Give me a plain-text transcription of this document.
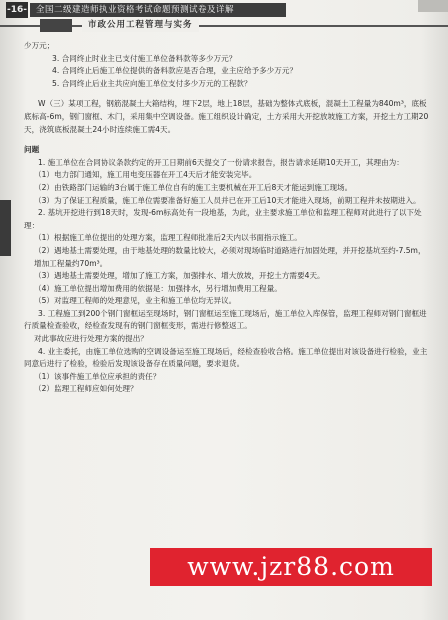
-16-	全国二级建造师执业资格考试命题预测试卷及详解
市政公用工程管理与实务

少万元；

3. 合同终止时业主已支付施工单位备料款等多少万元？

4. 合同终止后施工单位提供的备料款应是否合理，业主应给予多少万元？

5. 合同终止后业主共应向施工单位支付多少万元的工程款？

W（三）某项工程，钢筋混凝土大箱结构，埋下2层，地上18层，基础为整体式底板，混凝土工程量为840m³，底板底标高-6m，钢门窗框、木门，采用集中空调设备。施工组织设计确定，土方采用大开挖放坡施工方案，开挖土方工期20天，浇筑底板混凝土24小时连续施工需4天。

问题

1. 施工单位在合同协议条款约定的开工日期前6天提交了一份请求报告，报告请求延期10天开工，其理由为：

（1）电力部门通知，施工用电变压器在开工4天后才能安装完毕。

（2）由铁路部门运输的3台属于施工单位自有的施工主要机械在开工后8天才能运到施工现场。

（3）为了保证工程质量，施工单位需要准备好施工人员并已在开工后10天才能进入现场，前期工程并未按期进入。

2. 基坑开挖进行到18天时，发现-6m标高处有一段地基，为此，业主要求施工单位和监理工程师对此进行了以下处理：

（1）根据施工单位提出的处理方案，监理工程师批准后2天内以书面指示施工。

（2）遇地基土需要处理，由于地基处理的数量比较大，必须对现场临时道路进行加固处理，并开挖基坑至约-7.5m，增加工程量约70m³。

（3）遇地基土需要处理，增加了施工方案，加强排水、增大放坡，开挖土方需要4天。

（4）施工单位提出增加费用的依据是：加强排水，另行增加费用工程量。

（5）对监理工程师的处理意见，业主和施工单位均无异议。

3. 工程施工到200个钢门窗框运至现场时，钢门窗框运至施工现场后，施工单位入库保管，监理工程师对钢门窗框进行质量检查验收，经检查发现有的钢门窗框变形，需进行修整返工。

对此事故应进行处理方案的提出？

4. 业主委托，由施工单位选购的空调设备运至施工现场后，经检查验收合格。施工单位提出对该设备进行检验，业主同意后进行了检验，检验后发现该设备存在质量问题，要求退货。

（1）该事件施工单位应承担的责任？

（2）监理工程师应如何处理？

www.jzr88.com
